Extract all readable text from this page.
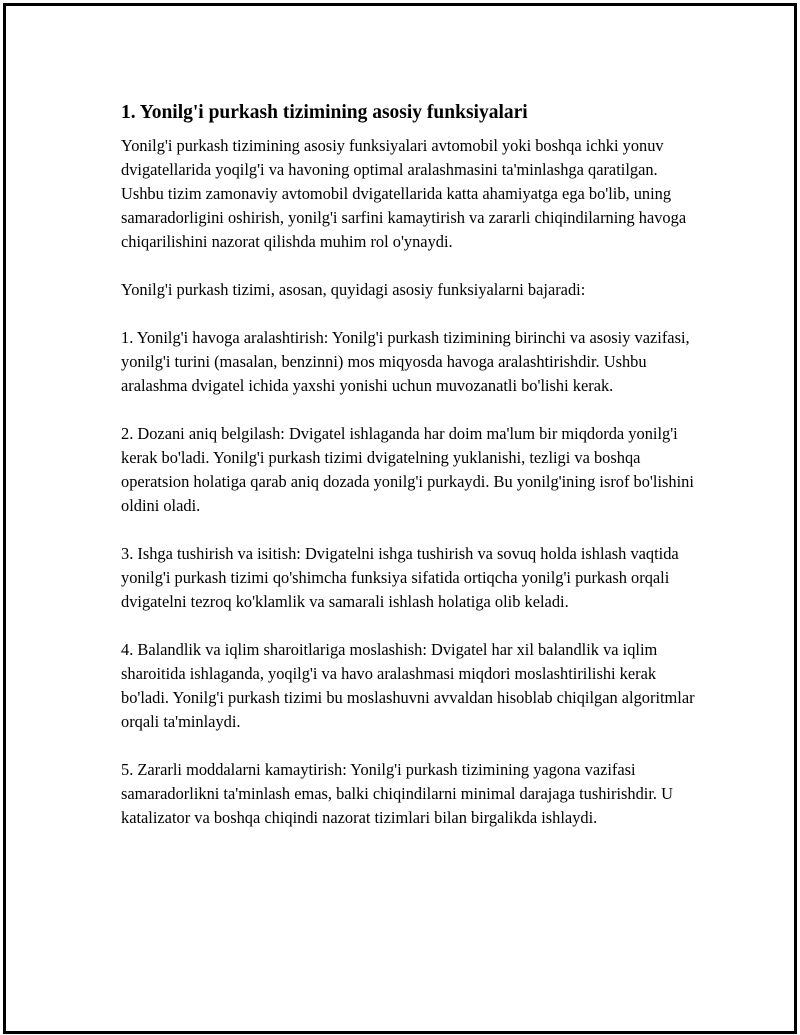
1. Yonilg'i purkash tizimining asosiy funksiyalari

Yonilg'i purkash tizimining asosiy funksiyalari avtomobil yoki boshqa ichki yonuv dvigatellarida yoqilg'i va havoning optimal aralashmasini ta'minlashga qaratilgan. Ushbu tizim zamonaviy avtomobil dvigatellarida katta ahamiyatga ega bo'lib, uning samaradorligini oshirish, yonilg'i sarfini kamaytirish va zararli chiqindilarning havoga chiqarilishini nazorat qilishda muhim rol o'ynaydi.

Yonilg'i purkash tizimi, asosan, quyidagi asosiy funksiyalarni bajaradi:

1. Yonilg'i havoga aralashtirish: Yonilg'i purkash tizimining birinchi va asosiy vazifasi, yonilg'i turini (masalan, benzinni) mos miqyosda havoga aralashtirishdir. Ushbu aralashma dvigatel ichida yaxshi yonishi uchun muvozanatli bo'lishi kerak.

2. Dozani aniq belgilash: Dvigatel ishlaganda har doim ma'lum bir miqdorda yonilg'i kerak bo'ladi. Yonilg'i purkash tizimi dvigatelning yuklanishi, tezligi va boshqa operatsion holatiga qarab aniq dozada yonilg'i purkaydi. Bu yonilg'ining isrof bo'lishini oldini oladi.

3. Ishga tushirish va isitish: Dvigatelni ishga tushirish va sovuq holda ishlash vaqtida yonilg'i purkash tizimi qo'shimcha funksiya sifatida ortiqcha yonilg'i purkash orqali dvigatelni tezroq ko'klamlik va samarali ishlash holatiga olib keladi.

4. Balandlik va iqlim sharoitlariga moslashish: Dvigatel har xil balandlik va iqlim sharoitida ishlaganda, yoqilg'i va havo aralashmasi miqdori moslashtirilishi kerak bo'ladi. Yonilg'i purkash tizimi bu moslashuvni avvaldan hisoblab chiqilgan algoritmlar orqali ta'minlaydi.

5. Zararli moddalarni kamaytirish: Yonilg'i purkash tizimining yagona vazifasi samaradorlikni ta'minlash emas, balki chiqindilarni minimal darajaga tushirishdir. U katalizator va boshqa chiqindi nazorat tizimlari bilan birgalikda ishlaydi.
